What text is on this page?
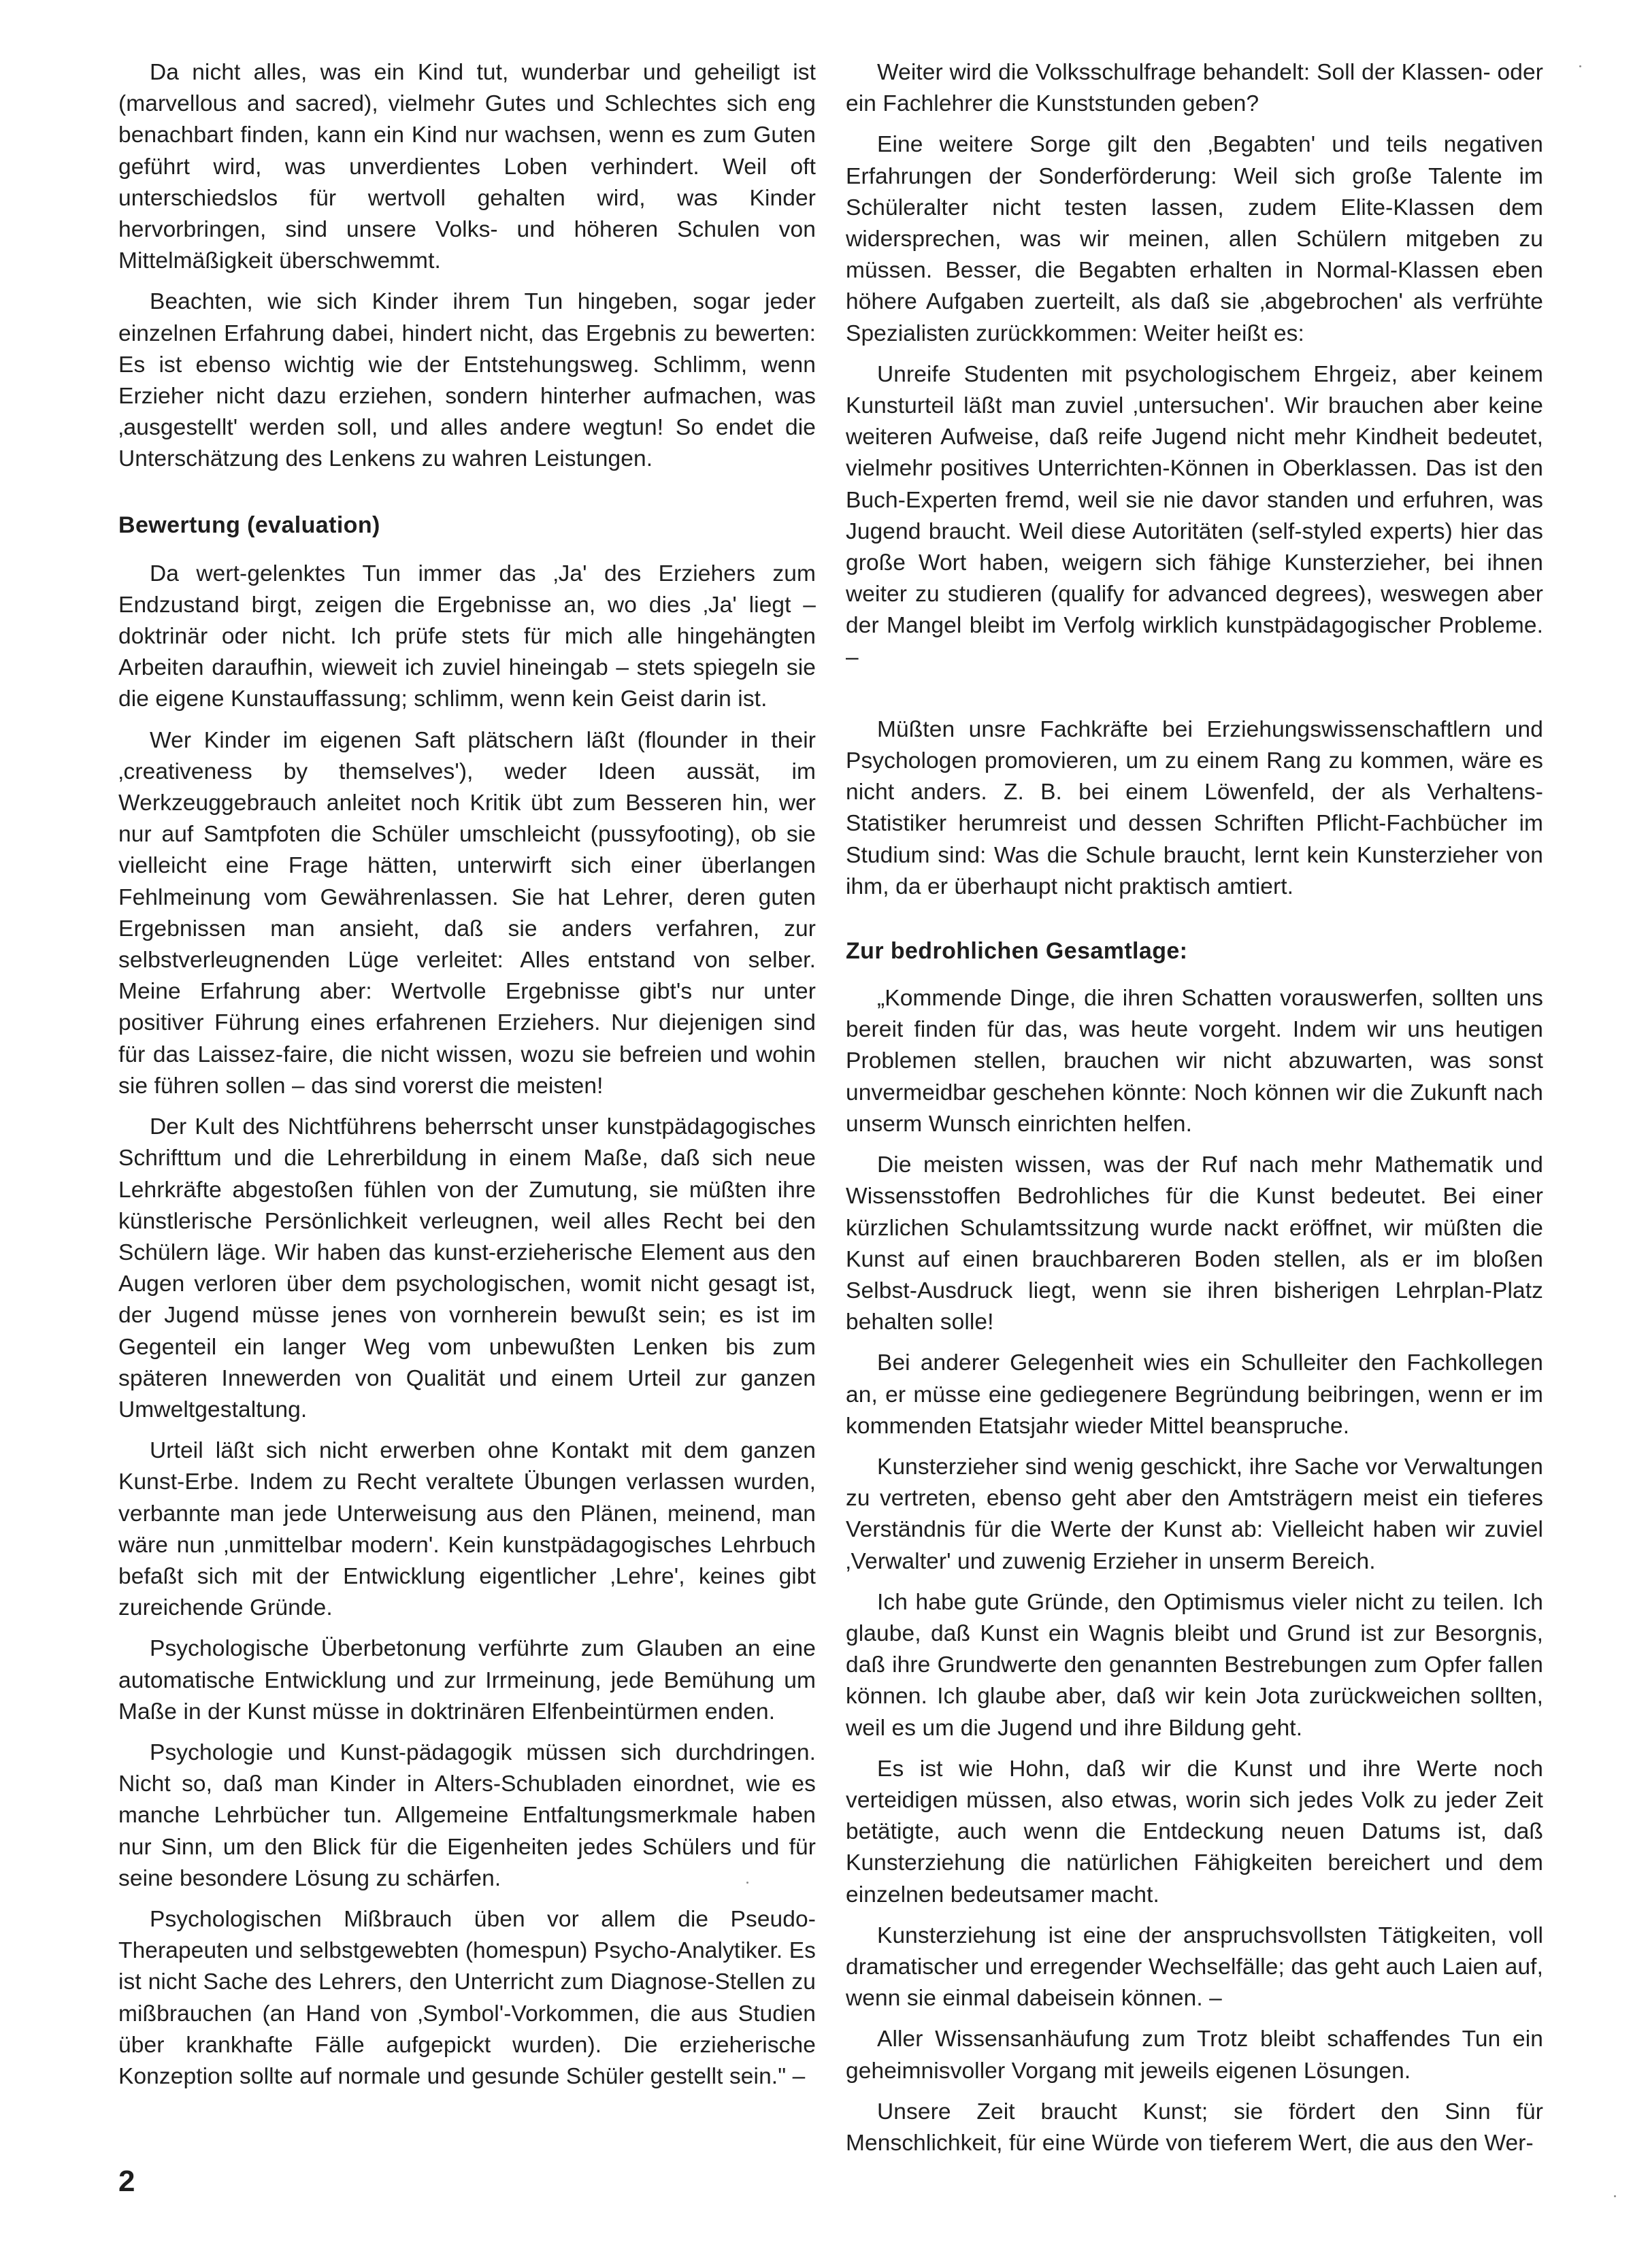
Da nicht alles, was ein Kind tut, wunderbar und geheiligt ist (marvellous and sacred), vielmehr Gutes und Schlechtes sich eng benachbart finden, kann ein Kind nur wachsen, wenn es zum Guten geführt wird, was unverdientes Loben verhindert. Weil oft unterschiedslos für wertvoll gehalten wird, was Kinder hervorbringen, sind unsere Volks- und höheren Schulen von Mittelmäßigkeit überschwemmt.

Beachten, wie sich Kinder ihrem Tun hingeben, sogar jeder einzelnen Erfahrung dabei, hindert nicht, das Ergebnis zu bewerten: Es ist ebenso wichtig wie der Entstehungsweg. Schlimm, wenn Erzieher nicht dazu erziehen, sondern hinterher aufmachen, was ‚ausgestellt' werden soll, und alles andere wegtun! So endet die Unterschätzung des Lenkens zu wahren Leistungen.

Bewertung (evaluation)

Da wert-gelenktes Tun immer das ‚Ja' des Erziehers zum Endzustand birgt, zeigen die Ergebnisse an, wo dies ‚Ja' liegt – doktrinär oder nicht. Ich prüfe stets für mich alle hingehängten Arbeiten daraufhin, wieweit ich zuviel hineingab – stets spiegeln sie die eigene Kunstauffassung; schlimm, wenn kein Geist darin ist.

Wer Kinder im eigenen Saft plätschern läßt (flounder in their ‚creativeness by themselves'), weder Ideen aussät, im Werkzeuggebrauch anleitet noch Kritik übt zum Besseren hin, wer nur auf Samtpfoten die Schüler umschleicht (pussyfooting), ob sie vielleicht eine Frage hätten, unterwirft sich einer überlangen Fehlmeinung vom Gewährenlassen. Sie hat Lehrer, deren guten Ergebnissen man ansieht, daß sie anders verfahren, zur selbstverleugnenden Lüge verleitet: Alles entstand von selber. Meine Erfahrung aber: Wertvolle Ergebnisse gibt's nur unter positiver Führung eines erfahrenen Erziehers. Nur diejenigen sind für das Laissez-faire, die nicht wissen, wozu sie befreien und wohin sie führen sollen – das sind vorerst die meisten!

Der Kult des Nichtführens beherrscht unser kunstpädagogisches Schrifttum und die Lehrerbildung in einem Maße, daß sich neue Lehrkräfte abgestoßen fühlen von der Zumutung, sie müßten ihre künstlerische Persönlichkeit verleugnen, weil alles Recht bei den Schülern läge. Wir haben das kunst-erzieherische Element aus den Augen verloren über dem psychologischen, womit nicht gesagt ist, der Jugend müsse jenes von vornherein bewußt sein; es ist im Gegenteil ein langer Weg vom unbewußten Lenken bis zum späteren Innewerden von Qualität und einem Urteil zur ganzen Umweltgestaltung.

Urteil läßt sich nicht erwerben ohne Kontakt mit dem ganzen Kunst-Erbe. Indem zu Recht veraltete Übungen verlassen wurden, verbannte man jede Unterweisung aus den Plänen, meinend, man wäre nun ‚unmittelbar modern'. Kein kunstpädagogisches Lehrbuch befaßt sich mit der Entwicklung eigentlicher ‚Lehre', keines gibt zureichende Gründe.

Psychologische Überbetonung verführte zum Glauben an eine automatische Entwicklung und zur Irrmeinung, jede Bemühung um Maße in der Kunst müsse in doktrinären Elfenbeintürmen enden.

Psychologie und Kunst-pädagogik müssen sich durchdringen. Nicht so, daß man Kinder in Alters-Schubladen einordnet, wie es manche Lehrbücher tun. Allgemeine Entfaltungsmerkmale haben nur Sinn, um den Blick für die Eigenheiten jedes Schülers und für seine besondere Lösung zu schärfen.

Psychologischen Mißbrauch üben vor allem die Pseudo-Therapeuten und selbstgewebten (homespun) Psycho-Analytiker. Es ist nicht Sache des Lehrers, den Unterricht zum Diagnose-Stellen zu mißbrauchen (an Hand von ‚Symbol'-Vorkommen, die aus Studien über krankhafte Fälle aufgepickt wurden). Die erzieherische Konzeption sollte auf normale und gesunde Schüler gestellt sein." –

Weiter wird die Volksschulfrage behandelt: Soll der Klassen- oder ein Fachlehrer die Kunststunden geben?

Eine weitere Sorge gilt den ‚Begabten' und teils negativen Erfahrungen der Sonderförderung: Weil sich große Talente im Schüleralter nicht testen lassen, zudem Elite-Klassen dem widersprechen, was wir meinen, allen Schülern mitgeben zu müssen. Besser, die Begabten erhalten in Normal-Klassen eben höhere Aufgaben zuerteilt, als daß sie ‚abgebrochen' als verfrühte Spezialisten zurückkommen: Weiter heißt es:

Unreife Studenten mit psychologischem Ehrgeiz, aber keinem Kunsturteil läßt man zuviel ‚untersuchen'. Wir brauchen aber keine weiteren Aufweise, daß reife Jugend nicht mehr Kindheit bedeutet, vielmehr positives Unterrichten-Können in Oberklassen. Das ist den Buch-Experten fremd, weil sie nie davor standen und erfuhren, was Jugend braucht. Weil diese Autoritäten (self-styled experts) hier das große Wort haben, weigern sich fähige Kunsterzieher, bei ihnen weiter zu studieren (qualify for advanced degrees), weswegen aber der Mangel bleibt im Verfolg wirklich kunstpädagogischer Probleme. –

Müßten unsre Fachkräfte bei Erziehungswissenschaftlern und Psychologen promovieren, um zu einem Rang zu kommen, wäre es nicht anders. Z. B. bei einem Löwenfeld, der als Verhaltens-Statistiker herumreist und dessen Schriften Pflicht-Fachbücher im Studium sind: Was die Schule braucht, lernt kein Kunsterzieher von ihm, da er überhaupt nicht praktisch amtiert.

Zur bedrohlichen Gesamtlage:

„Kommende Dinge, die ihren Schatten vorauswerfen, sollten uns bereit finden für das, was heute vorgeht. Indem wir uns heutigen Problemen stellen, brauchen wir nicht abzuwarten, was sonst unvermeidbar geschehen könnte: Noch können wir die Zukunft nach unserm Wunsch einrichten helfen.

Die meisten wissen, was der Ruf nach mehr Mathematik und Wissensstoffen Bedrohliches für die Kunst bedeutet. Bei einer kürzlichen Schulamtssitzung wurde nackt eröffnet, wir müßten die Kunst auf einen brauchbareren Boden stellen, als er im bloßen Selbst-Ausdruck liegt, wenn sie ihren bisherigen Lehrplan-Platz behalten solle!

Bei anderer Gelegenheit wies ein Schulleiter den Fachkollegen an, er müsse eine gediegenere Begründung beibringen, wenn er im kommenden Etatsjahr wieder Mittel beanspruche.

Kunsterzieher sind wenig geschickt, ihre Sache vor Verwaltungen zu vertreten, ebenso geht aber den Amtsträgern meist ein tieferes Verständnis für die Werte der Kunst ab: Vielleicht haben wir zuviel ‚Verwalter' und zuwenig Erzieher in unserm Bereich.

Ich habe gute Gründe, den Optimismus vieler nicht zu teilen. Ich glaube, daß Kunst ein Wagnis bleibt und Grund ist zur Besorgnis, daß ihre Grundwerte den genannten Bestrebungen zum Opfer fallen können. Ich glaube aber, daß wir kein Jota zurückweichen sollten, weil es um die Jugend und ihre Bildung geht.

Es ist wie Hohn, daß wir die Kunst und ihre Werte noch verteidigen müssen, also etwas, worin sich jedes Volk zu jeder Zeit betätigte, auch wenn die Entdeckung neuen Datums ist, daß Kunsterziehung die natürlichen Fähigkeiten bereichert und dem einzelnen bedeutsamer macht.

Kunsterziehung ist eine der anspruchsvollsten Tätigkeiten, voll dramatischer und erregender Wechselfälle; das geht auch Laien auf, wenn sie einmal dabeisein können. –

Aller Wissensanhäufung zum Trotz bleibt schaffendes Tun ein geheimnisvoller Vorgang mit jeweils eigenen Lösungen.

Unsere Zeit braucht Kunst; sie fördert den Sinn für Menschlichkeit, für eine Würde von tieferem Wert, die aus den Wer-

2
